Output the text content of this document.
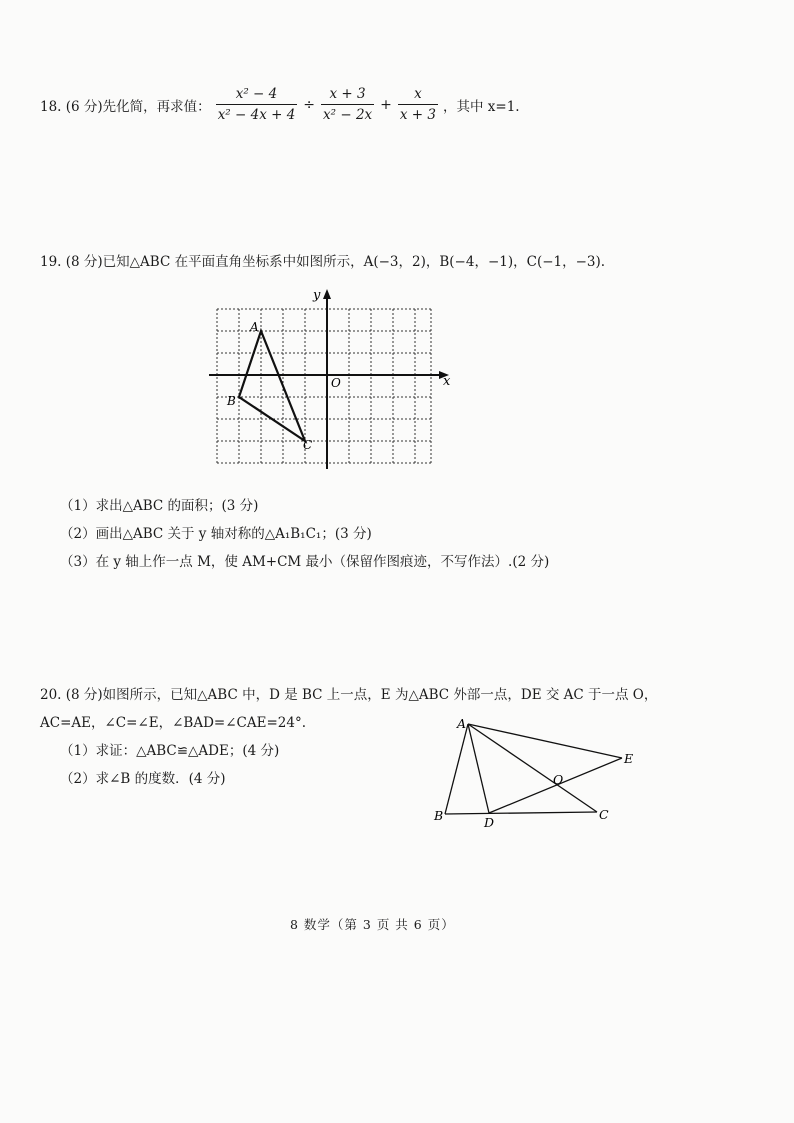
18. (6 分)先化简，再求值： $\frac{\text{x² − 4}}{\text{x² − 4x + 4}} \div \frac{x + 3}{\text{x² − 2x}} + \frac{x}{x + 3}$ ，其中 x=1.
19. (8 分)已知△ABC 在平面直角坐标系中如图所示，A(−3，2)，B(−4，−1)，C(−1，−3).
A
B
C
O	x
y
（1）求出△ABC 的面积；(3 分)
（2）画出△ABC 关于 y 轴对称的△A₁B₁C₁；(3 分)
（3）在 y 轴上作一点 M，使 AM+CM 最小（保留作图痕迹，不写作法）.(2 分)
20. (8 分)如图所示，已知△ABC 中，D 是 BC 上一点，E 为△ABC 外部一点，DE 交 AC 于一点 O，
AC=AE，∠C=∠E，∠BAD=∠CAE=24°.
（1）求证：△ABC≌△ADE；(4 分)
（2）求∠B 的度数．(4 分)
A
B	D
C
E
O
8 数学（第 3 页 共 6 页）
